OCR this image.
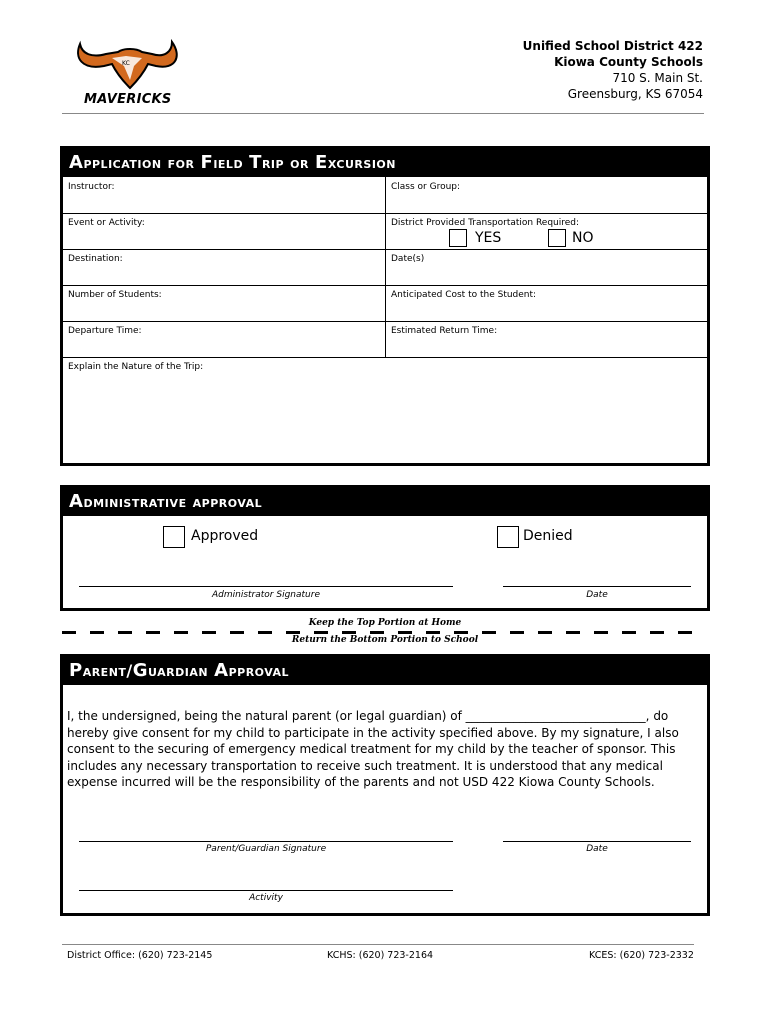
KC
MAVERICKS
Unified School District 422
Kiowa County Schools
710 S. Main St.
Greensburg, KS 67054
Application for Field Trip or Excursion
Instructor:	Class or Group:
Event or Activity:	District Provided Transportation Required:
YES	NO
Destination:	Date(s)
Number of Students:	Anticipated Cost to the Student:
Departure Time:	Estimated Return Time:
Explain the Nature of the Trip:
Administrative approval
Approved	Denied
Administrator Signature	Date
Keep the Top Portion at Home
Return the Bottom Portion to School
Parent/Guardian Approval
I, the undersigned, being the natural parent (or legal guardian) of ______________________________, do hereby give consent for my child to participate in the activity specified above. By my signature, I also consent to the securing of emergency medical treatment for my child by the teacher of sponsor. This includes any necessary transportation to receive such treatment. It is understood that any medical expense incurred will be the responsibility of the parents and not USD 422 Kiowa County Schools.
Parent/Guardian Signature	Date
Activity
District Office: (620) 723-2145	KCHS: (620) 723-2164	KCES: (620) 723-2332
